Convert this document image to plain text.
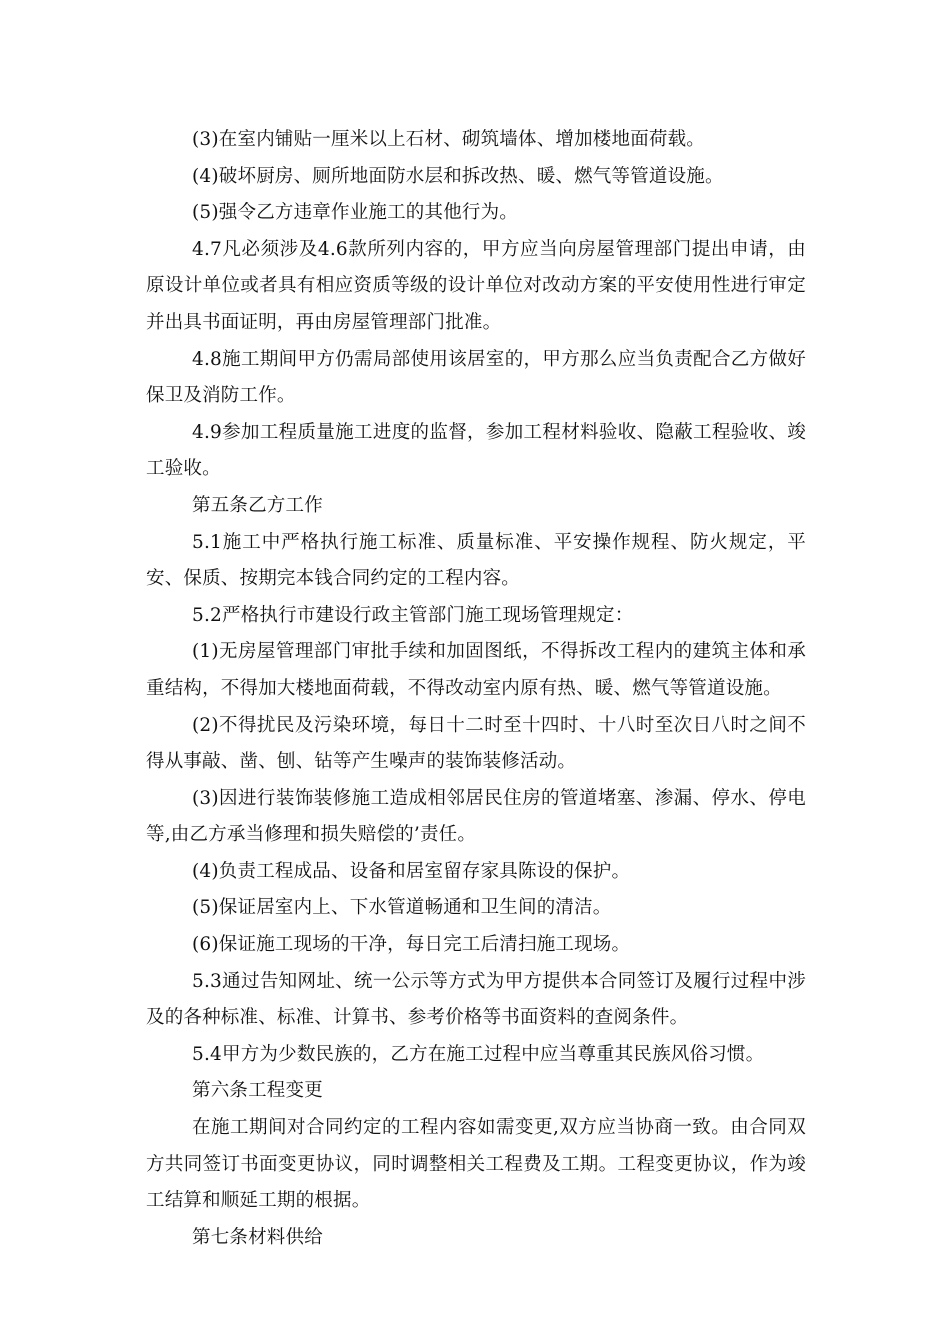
(3)在室内铺贴一厘米以上石材、砌筑墙体、增加楼地面荷载。

(4)破坏厨房、厕所地面防水层和拆改热、暖、燃气等管道设施。

(5)强令乙方违章作业施工的其他行为。

4.7凡必须涉及4.6款所列内容的，甲方应当向房屋管理部门提出申请，由原设计单位或者具有相应资质等级的设计单位对改动方案的平安使用性进行审定并出具书面证明，再由房屋管理部门批准。

4.8施工期间甲方仍需局部使用该居室的，甲方那么应当负责配合乙方做好保卫及消防工作。

4.9参加工程质量施工进度的监督，参加工程材料验收、隐蔽工程验收、竣工验收。

第五条乙方工作

5.1施工中严格执行施工标准、质量标准、平安操作规程、防火规定，平安、保质、按期完本钱合同约定的工程内容。

5.2严格执行市建设行政主管部门施工现场管理规定：

(1)无房屋管理部门审批手续和加固图纸，不得拆改工程内的建筑主体和承重结构，不得加大楼地面荷载，不得改动室内原有热、暖、燃气等管道设施。

(2)不得扰民及污染环境，每日十二时至十四时、十八时至次日八时之间不得从事敲、凿、刨、钻等产生噪声的装饰装修活动。

(3)因进行装饰装修施工造成相邻居民住房的管道堵塞、渗漏、停水、停电等,由乙方承当修理和损失赔偿的’责任。

(4)负责工程成品、设备和居室留存家具陈设的保护。

(5)保证居室内上、下水管道畅通和卫生间的清洁。

(6)保证施工现场的干净，每日完工后清扫施工现场。

5.3通过告知网址、统一公示等方式为甲方提供本合同签订及履行过程中涉及的各种标准、标准、计算书、参考价格等书面资料的查阅条件。

5.4甲方为少数民族的，乙方在施工过程中应当尊重其民族风俗习惯。

第六条工程变更

在施工期间对合同约定的工程内容如需变更,双方应当协商一致。由合同双方共同签订书面变更协议，同时调整相关工程费及工期。工程变更协议，作为竣工结算和顺延工期的根据。

第七条材料供给
